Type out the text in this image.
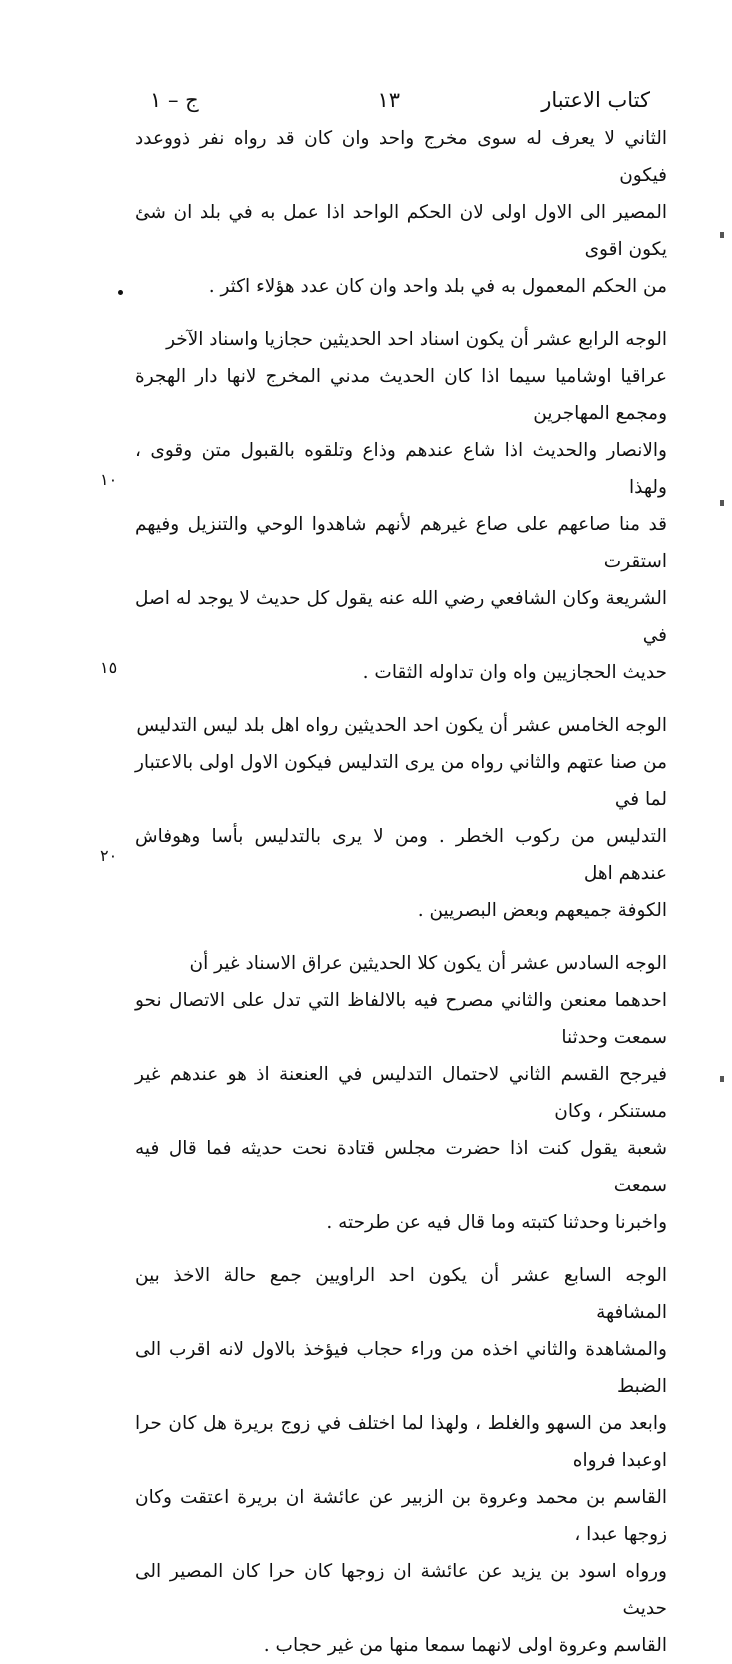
كتاب الاعتبار
١٣
ج – ١

الثاني لا يعرف له سوى مخرج واحد وان كان قد رواه نفر ذووعدد فيكون
المصير الى الاول اولى لان الحكم الواحد اذا عمل به في بلد ان شئ يكون اقوى
من الحكم المعمول به في بلد واحد وان كان عدد هؤلاء اكثر .

الوجه الرابع عشر أن يكون اسناد احد الحديثين حجازيا واسناد الآخر
عراقيا اوشاميا سيما اذا كان الحديث مدني المخرج لانها دار الهجرة ومجمع المهاجرين
والانصار والحديث اذا شاع عندهم وذاع وتلقوه بالقبول متن وقوى ، ولهذا
قد منا صاعهم على صاع غيرهم لأنهم شاهدوا الوحي والتنزيل وفيهم استقرت
الشريعة وكان الشافعي رضي الله عنه يقول كل حديث لا يوجد له اصل في
حديث الحجازيين واه وان تداوله الثقات .

الوجه الخامس عشر أن يكون احد الحديثين رواه اهل بلد ليس التدليس
من صنا عتهم والثاني رواه من يرى التدليس فيكون الاول اولى بالاعتبار لما في
التدليس من ركوب الخطر . ومن لا يرى بالتدليس بأسا وهوفاش عندهم اهل
الكوفة جميعهم وبعض البصريين .

الوجه السادس عشر أن يكون كلا الحديثين عراق الاسناد غير أن
احدهما معنعن والثاني مصرح فيه بالالفاظ التي تدل على الاتصال نحو سمعت وحدثنا
فيرجح القسم الثاني لاحتمال التدليس في العنعنة اذ هو عندهم غير مستنكر ، وكان
شعبة يقول كنت اذا حضرت مجلس قتادة نحت حديثه فما قال فيه سمعت
واخبرنا وحدثنا كتبته وما قال فيه عن طرحته .

الوجه السابع عشر أن يكون احد الراويين جمع حالة الاخذ بين المشافهة
والمشاهدة والثاني اخذه من وراء حجاب فيؤخذ بالاول لانه اقرب الى الضبط
وابعد من السهو والغلط ، ولهذا لما اختلف في زوج بريرة هل كان حرا اوعبدا فرواه
القاسم بن محمد وعروة بن الزبير عن عائشة ان بريرة اعتقت وكان زوجها عبدا ،
ورواه اسود بن يزيد عن عائشة ان زوجها كان حرا كان المصير الى حديث
القاسم وعروة اولى لانهما سمعا منها من غير حجاب .

١٠
١٥
٢٠
